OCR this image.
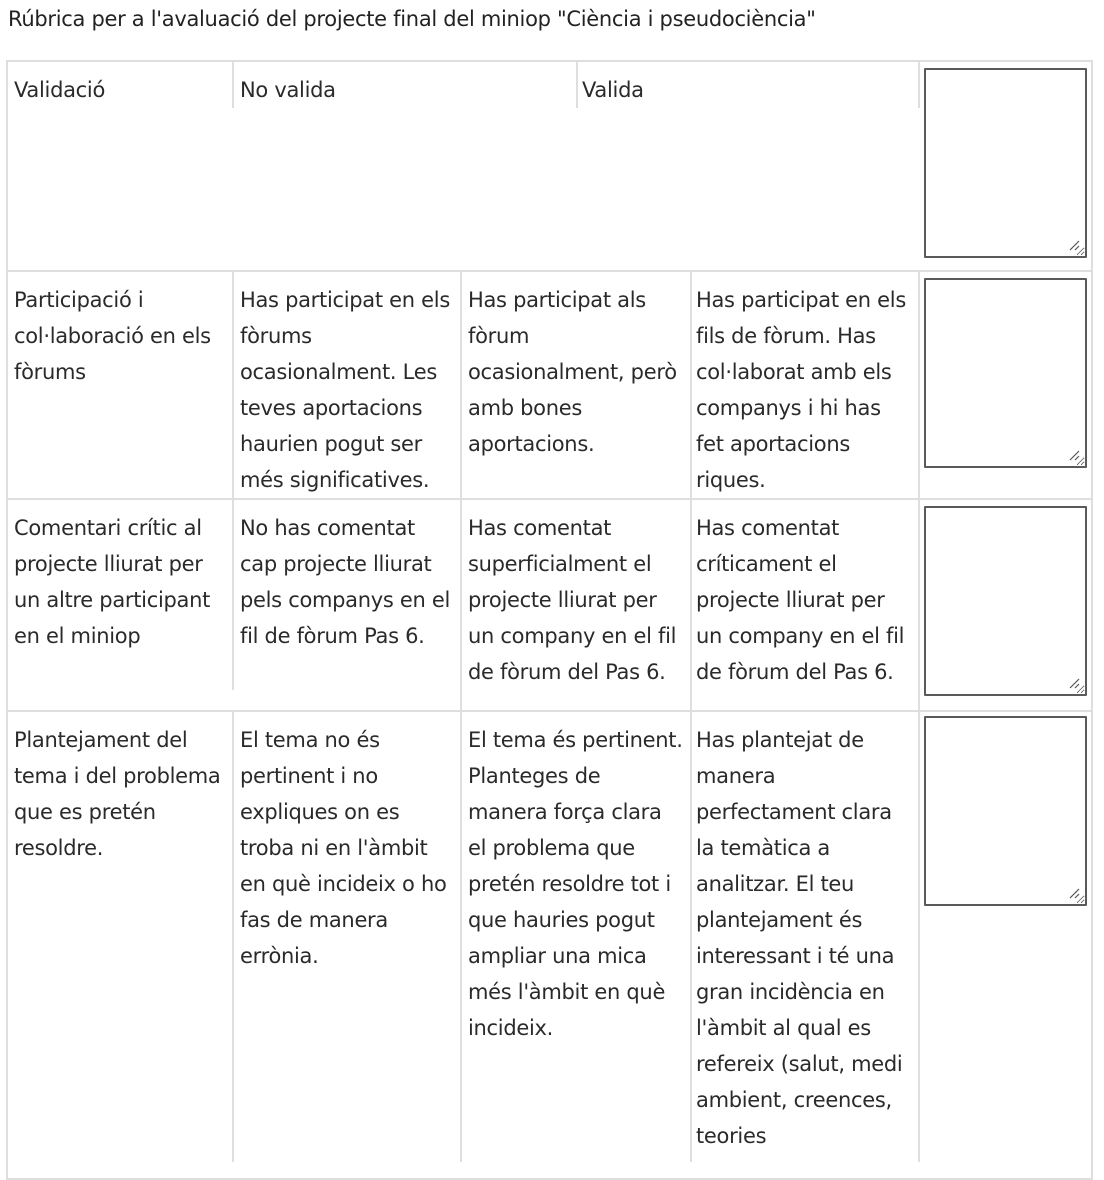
Rúbrica per a l'avaluació del projecte final del miniop "Ciència i pseudociència"
Validació	No valida	Valida
Participació i col·laboració en els fòrums
Has participat en els fòrums ocasionalment. Les teves aportacions haurien pogut ser més significatives.
Has participat als fòrum ocasionalment, però amb bones aportacions.
Has participat en els fils de fòrum. Has col·laborat amb els companys i hi has fet aportacions riques.
Comentari crític al projecte lliurat per un altre participant en el miniop
No has comentat cap projecte lliurat pels companys en el fil de fòrum Pas 6.
Has comentat superficialment el projecte lliurat per un company en el fil de fòrum del Pas 6.
Has comentat críticament el projecte lliurat per un company en el fil de fòrum del Pas 6.
Plantejament del tema i del problema que es pretén resoldre.
El tema no és pertinent i no expliques on es troba ni en l'àmbit en què incideix o ho fas de manera errònia.
El tema és pertinent. Planteges de manera força clara el problema que pretén resoldre tot i que hauries pogut ampliar una mica més l'àmbit en què incideix.
Has plantejat de manera perfectament clara la temàtica a analitzar. El teu plantejament és interessant i té una gran incidència en l'àmbit al qual es refereix (salut, medi ambient, creences, teories
